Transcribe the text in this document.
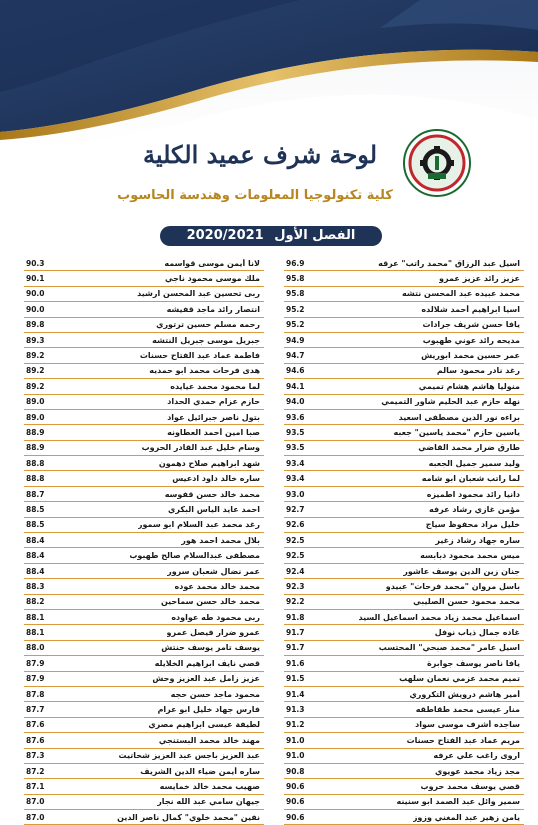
لوحة شرف عميد الكلية
كلية تكنولوجيا المعلومات وهندسة الحاسوب
الفصل الأول 2020/2021
اسيل عبد الرزاق "محمد راتب" عرقه
96.9
عزيز رائد عزيز عمرو
95.8
محمد عبيده عبد المحسن نتشه
95.8
اسيا ابراهيم أحمد شلالده
95.2
يافا حسن شريف جرادات
95.2
مديحه رائد عوني طهبوب
94.9
عمر حسين محمد ابوريش
94.7
رغد نادر محمود سالم
94.6
منوليا هاشم هشام تميمي
94.1
نهله حازم عبد الحليم شاور التميمي
94.0
براءه نور الدين مصطفى اسعيد
93.6
ياسين حازم "محمد ياسين" جعبه
93.5
طارق ضرار محمد القاضي
93.5
وليد سمير جميل الجعبه
93.4
لما راتب شعبان ابو شامه
93.4
دانيا رائد محمود اطميزه
93.0
مؤمن غازي رشاد عرفه
92.7
خليل مراد محفوظ سياج
92.6
ساره جهاد رشاد زغير
92.5
ميس محمد محمود دبابسه
92.5
جنان زين الدين يوسف عاشور
92.4
باسل مروان "محمد فرحات" عبيدو
92.3
محمد محمود حسن الصليبي
92.2
اسماعيل محمد زياد محمد اسماعيل السيد
91.8
غاده جمال ذياب نوفل
91.7
اسيل عامر "محمد صبحي" المحتسب
91.7
يافا ناصر يوسف جوابرة
91.6
تميم محمد عزمي نعمان سلهب
91.5
أمير هاشم درويش التكروري
91.4
منار عيسى محمد طقاطقه
91.3
ساجده أشرف موسى سواد
91.2
مريم عماد عبد الفتاح حسنات
91.0
اروى راغب علي عرفه
91.0
مجد زياد محمد عويوي
90.8
قصي يوسف محمد حروب
90.6
سمير وائل عبد الصمد ابو سنينه
90.6
يامن زهير عبد المغني وزوز
90.6
لانا أيمن موسى قواسمه
90.3
ملك موسى محمود ناجي
90.1
ربى تحسين عبد المحسن ارشيد
90.0
انتصار رائد ماجد قفيشه
90.0
رحمه مسلم حسين ترتوري
89.8
جبريل موسى جبريل النتشه
89.3
فاطمة عماد عبد الفتاح حسنات
89.2
هدى فرحات محمد ابو حمديه
89.2
لما محمود محمد عيايده
89.2
حازم عزام حمدي الحداد
89.0
بتول ناصر جبرائيل عواد
89.0
صبا امين أحمد العطاونه
88.9
وسام خليل عبد القادر الحروب
88.9
شهد ابراهيم صلاح دهمون
88.8
ساره خالد داود ادعيس
88.8
محمد خالد حسن قفوسه
88.7
احمد عايد الياس البكري
88.5
رغد محمد عبد السلام ابو سمور
88.5
بلال محمد احمد هور
88.4
مصطفى عبدالسلام صالح طهبوب
88.4
عمر نضال شعبان سرور
88.4
محمد خالد محمد عوده
88.3
محمد خالد حسن سماحين
88.2
ربى محمود طه عواوده
88.1
عمرو ضرار فيصل عمرو
88.1
يوسف تامر يوسف حنتش
88.0
قصي نايف ابراهيم الخلايله
87.9
عزيز زامل عبد العزيز وحش
87.9
محمود ماجد حسن حجه
87.8
فارس جهاد خليل ابو عرام
87.7
لطيفة عيسى ابراهيم مصري
87.6
مهند خالد محمد البستنجي
87.6
عبد العزيز باجس عبد العزيز شحاتيت
87.3
ساره أيمن ضياء الدين الشريف
87.2
صهيب محمد خالد خمايسه
87.1
جيهان سامي عبد الله نجار
87.0
نفين "محمد خلوي" كمال ناصر الدين
87.0
